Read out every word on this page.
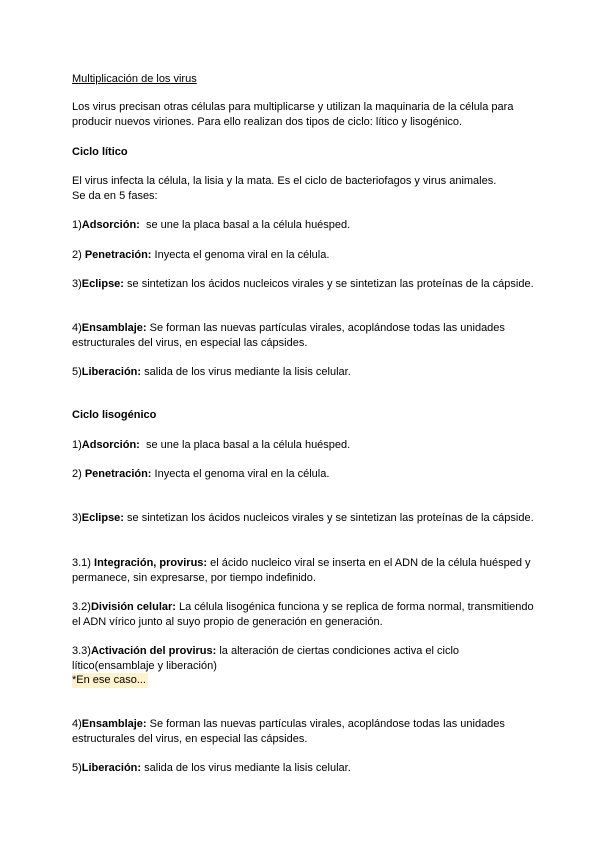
Multiplicación de los virus
Los virus precisan otras células para multiplicarse y utilizan la maquinaria de la célula para producir nuevos viriones. Para ello realizan dos tipos de ciclo: lítico y lisogénico.
Ciclo lítico
El virus infecta la célula, la lisia y la mata. Es el ciclo de bacteriofagos y virus animales.
Se da en 5 fases:
1)Adsorción:  se une la placa basal a la célula huésped.
2) Penetración: Inyecta el genoma viral en la célula.
3)Eclipse: se sintetizan los ácidos nucleicos virales y se sintetizan las proteínas de la cápside.
4)Ensamblaje: Se forman las nuevas partículas virales, acoplándose todas las unidades estructurales del virus, en especial las cápsides.
5)Liberación: salida de los virus mediante la lisis celular.
Ciclo lisogénico
1)Adsorción:  se une la placa basal a la célula huésped.
2) Penetración: Inyecta el genoma viral en la célula.
3)Eclipse: se sintetizan los ácidos nucleicos virales y se sintetizan las proteínas de la cápside.
3.1) Integración, provirus: el ácido nucleico viral se inserta en el ADN de la célula huésped y permanece, sin expresarse, por tiempo indefinido.
3.2)División celular: La célula lisogénica funciona y se replica de forma normal, transmitiendo el ADN vírico junto al suyo propio de generación en generación.
3.3)Activación del provirus: la alteración de ciertas condiciones activa el ciclo lítico(ensamblaje y liberación)
*En ese caso...
4)Ensamblaje: Se forman las nuevas partículas virales, acoplándose todas las unidades estructurales del virus, en especial las cápsides.
5)Liberación: salida de los virus mediante la lisis celular.
